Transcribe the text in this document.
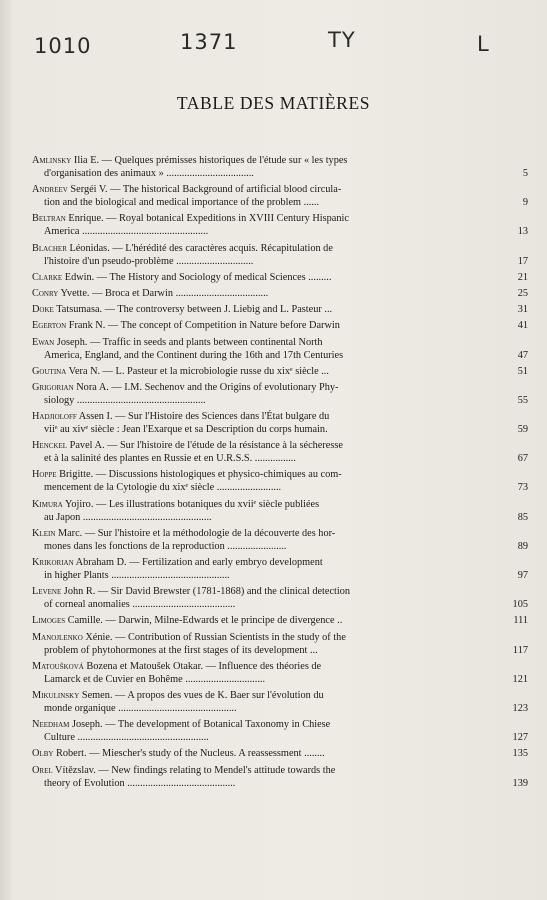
1010	1371	TY	L
TABLE DES MATIÈRES
Amlinsky Ilia E. — Quelques prémisses historiques de l'étude sur « les types
d'organisation des animaux » ..................................	5
Andreev Sergéi V. — The historical Background of artificial blood circula-
tion and the biological and medical importance of the problem ......	9
Beltran Enrique. — Royal botanical Expeditions in XVIII Century Hispanic
America .................................................	13
Blacher Léonidas. — L'hérédité des caractères acquis. Récapitulation de
l'histoire d'un pseudo-problème ..............................	17
Clarke Edwin. — The History and Sociology of medical Sciences .........	21
Conry Yvette. — Broca et Darwin ....................................	25
Doke Tatsumasa. — The controversy between J. Liebig and L. Pasteur ...	31
Egerton Frank N. — The concept of Competition in Nature before Darwin	41
Ewan Joseph. — Traffic in seeds and plants between continental North
America, England, and the Continent during the 16th and 17th Centuries	47
Goutina Vera N. — L. Pasteur et la microbiologie russe du xixᵉ siècle ...	51
Grigorian Nora A. — I.M. Sechenov and the Origins of evolutionary Phy-
siology ..................................................	55
Hadjioloff Assen I. — Sur l'Histoire des Sciences dans l'État bulgare du
viiᵉ au xivᵉ siècle : Jean l'Exarque et sa Description du corps humain.	59
Henckel Pavel A. — Sur l'histoire de l'étude de la résistance à la sécheresse
et à la salinité des plantes en Russie et en U.R.S.S. ................	67
Hoppe Brigitte. — Discussions histologiques et physico-chimiques au com-
mencement de la Cytologie du xixᵉ siècle .........................	73
Kimura Yojiro. — Les illustrations botaniques du xviiᵉ siècle publiées
au Japon ..................................................	85
Klein Marc. — Sur l'histoire et la méthodologie de la découverte des hor-
mones dans les fonctions de la reproduction .......................	89
Krikorian Abraham D. — Fertilization and early embryo development
in higher Plants ..............................................	97
Levene John R. — Sir David Brewster (1781-1868) and the clinical detection
of corneal anomalies ........................................	105
Limoges Camille. — Darwin, Milne-Edwards et le principe de divergence ..	111
Manojlenko Xénie. — Contribution of Russian Scientists in the study of the
problem of phytohormones at the first stages of its development ...	117
Matoušková Bozena et Matoušek Otakar. — Influence des théories de
Lamarck et de Cuvier en Bohême ...............................	121
Mikulinsky Semen. — A propos des vues de K. Baer sur l'évolution du
monde organique ..............................................	123
Needham Joseph. — The development of Botanical Taxonomy in Chiese
Culture ...................................................	127
Olby Robert. — Miescher's study of the Nucleus. A reassessment ........	135
Orel Vítězslav. — New findings relating to Mendel's attitude towards the
theory of Evolution ..........................................	139
